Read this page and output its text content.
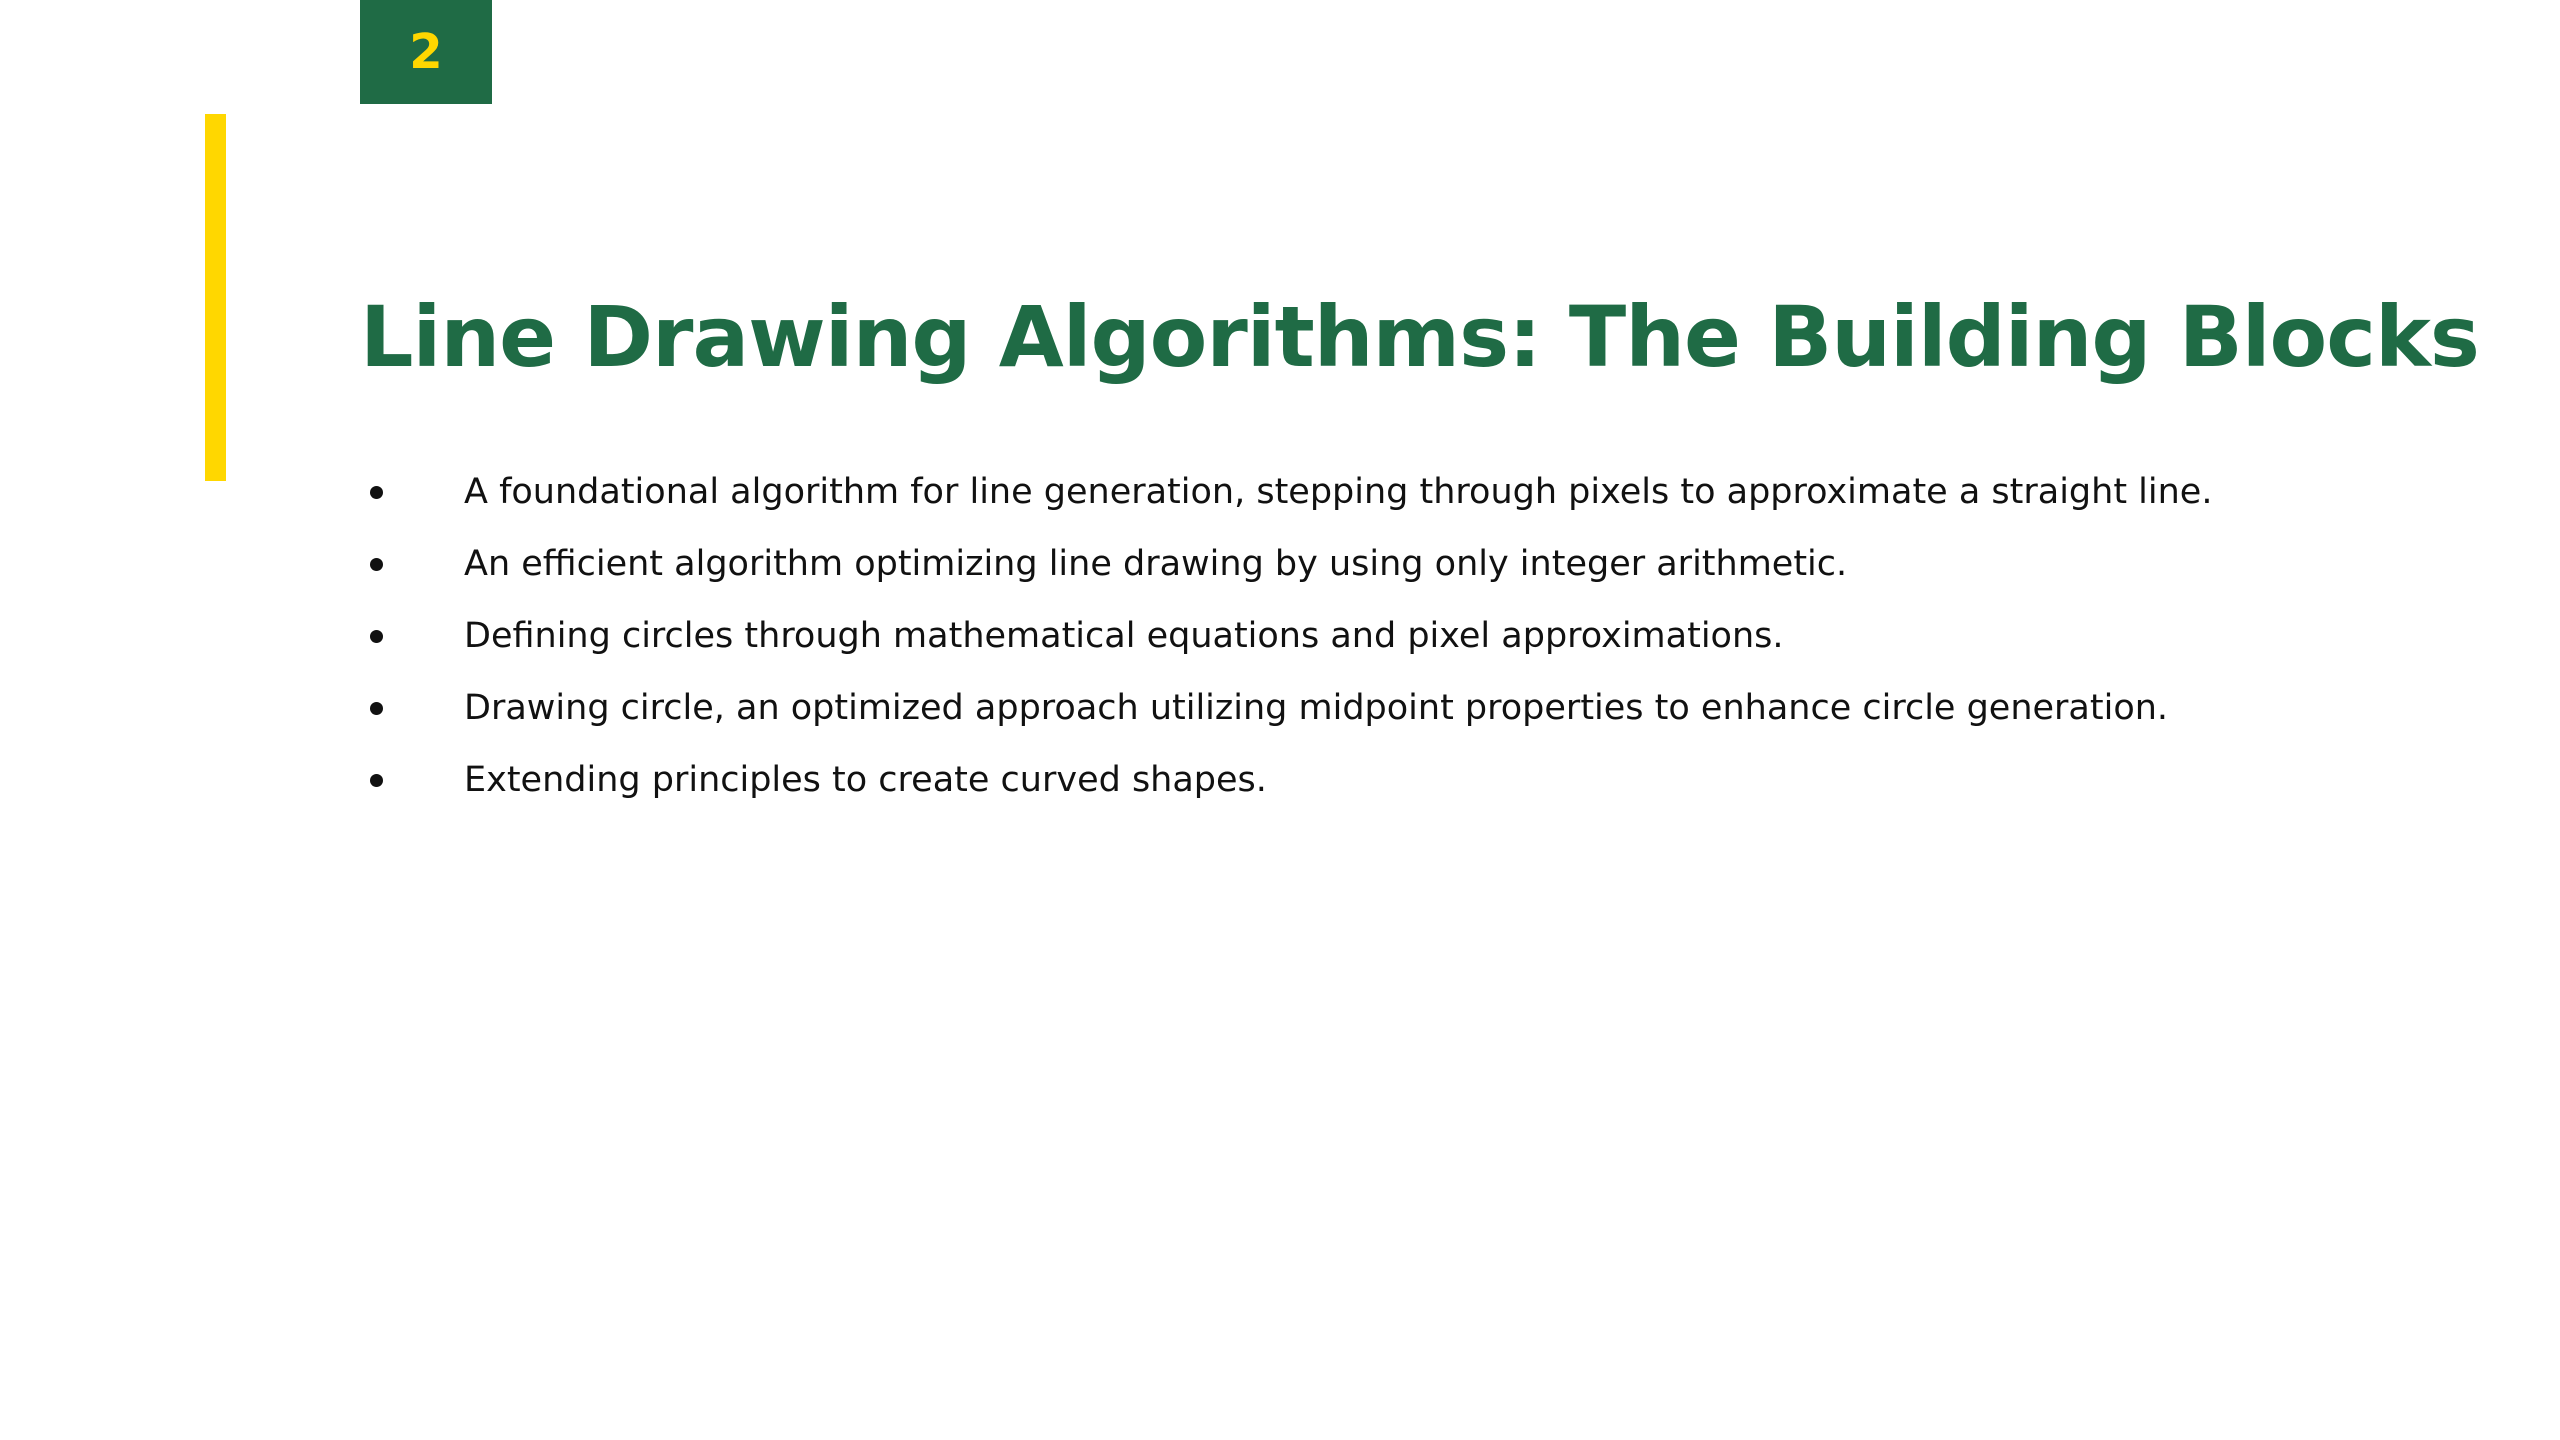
2
Line Drawing Algorithms: The Building Blocks
A foundational algorithm for line generation, stepping through pixels to approximate a straight line.
An efficient algorithm optimizing line drawing by using only integer arithmetic.
Defining circles through mathematical equations and pixel approximations.
Drawing circle, an optimized approach utilizing midpoint properties to enhance circle generation.
Extending principles to create curved shapes.
